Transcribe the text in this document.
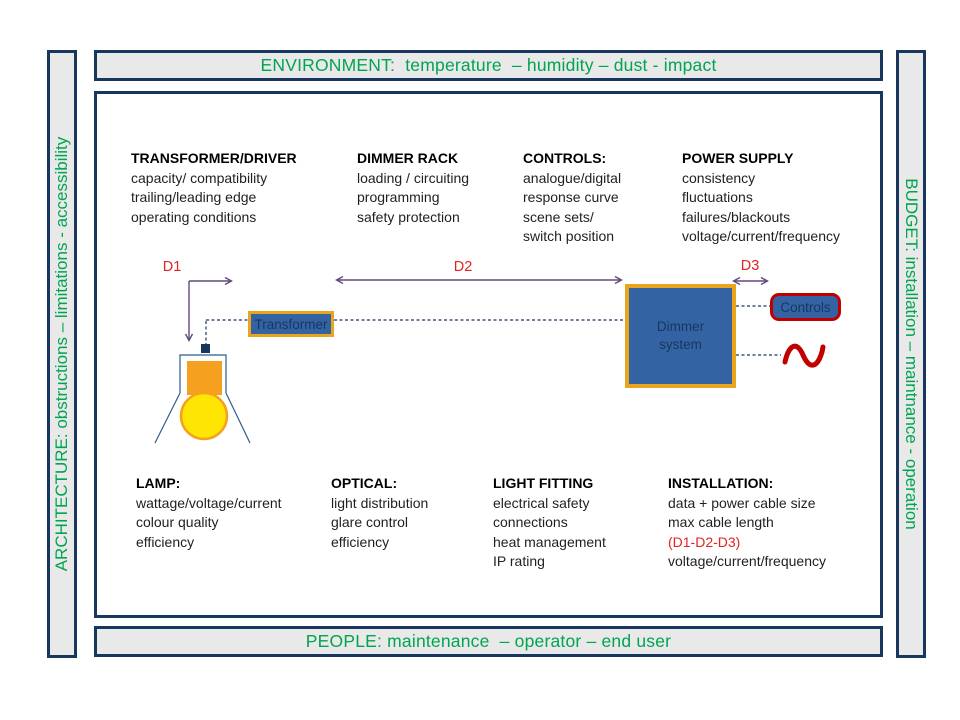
ENVIRONMENT:  temperature  – humidity – dust - impact
PEOPLE: maintenance  – operator – end user
ARCHITECTURE: obstructions – limitations - accessibility	BUDGET: installation – maintnance - operation
D1	D2	D3
Transformer	Dimmer
system
Controls
TRANSFORMER/DRIVER
capacity/ compatibility
trailing/leading edge
operating conditions
DIMMER RACK
loading / circuiting
programming
safety protection
CONTROLS:
analogue/digital
response curve
scene sets/
switch position
POWER SUPPLY
consistency
fluctuations
failures/blackouts
voltage/current/frequency
LAMP:
wattage/voltage/current
colour quality
efficiency
OPTICAL:
light distribution
glare control
efficiency
LIGHT FITTING
electrical safety
connections
heat management
IP rating
INSTALLATION:
data + power cable size
max cable length
(D1-D2-D3)
voltage/current/frequency
